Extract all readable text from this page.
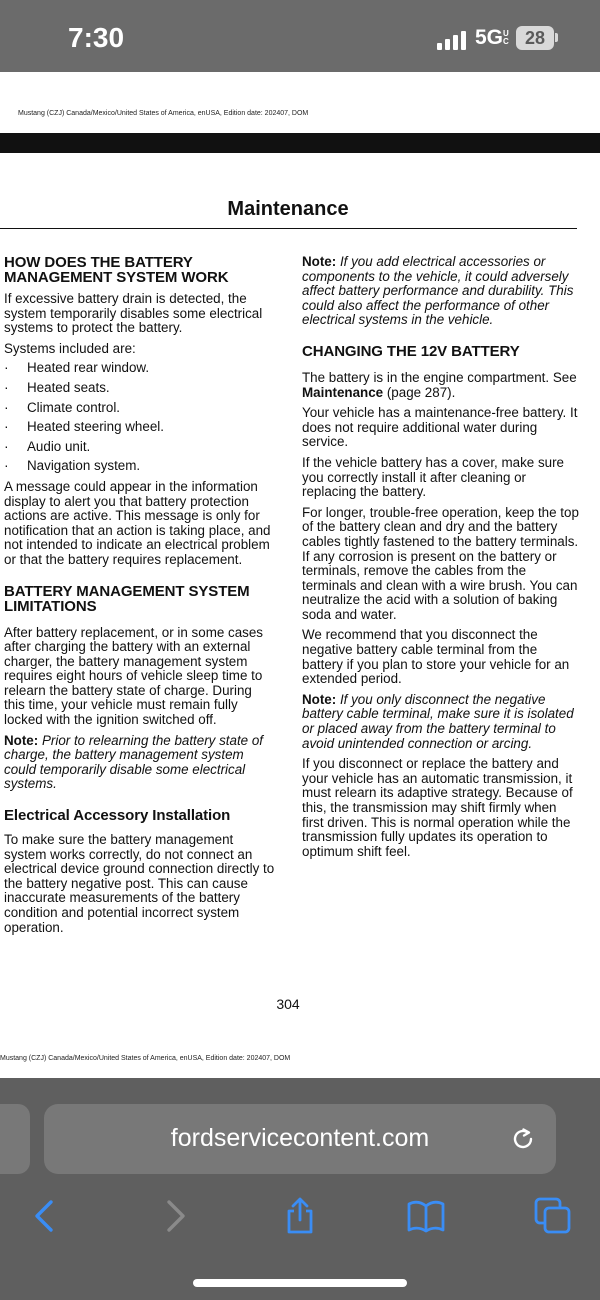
7:30	5GUC 28
Mustang (CZJ) Canada/Mexico/United States of America, enUSA, Edition date: 202407, DOM
Maintenance
HOW DOES THE BATTERY MANAGEMENT SYSTEM WORK

If excessive battery drain is detected, the system temporarily disables some electrical systems to protect the battery.

Systems included are:

· Heated rear window.
· Heated seats.
· Climate control.
· Heated steering wheel.
· Audio unit.
· Navigation system.

A message could appear in the information display to alert you that battery protection actions are active. This message is only for notification that an action is taking place, and not intended to indicate an electrical problem or that the battery requires replacement.

BATTERY MANAGEMENT SYSTEM LIMITATIONS

After battery replacement, or in some cases after charging the battery with an external charger, the battery management system requires eight hours of vehicle sleep time to relearn the battery state of charge. During this time, your vehicle must remain fully locked with the ignition switched off.

Note: Prior to relearning the battery state of charge, the battery management system could temporarily disable some electrical systems.

Electrical Accessory Installation

To make sure the battery management system works correctly, do not connect an electrical device ground connection directly to the battery negative post. This can cause inaccurate measurements of the battery condition and potential incorrect system operation.

Note: If you add electrical accessories or components to the vehicle, it could adversely affect battery performance and durability. This could also affect the performance of other electrical systems in the vehicle.

CHANGING THE 12V BATTERY

The battery is in the engine compartment. See Maintenance (page 287).

Your vehicle has a maintenance-free battery. It does not require additional water during service.

If the vehicle battery has a cover, make sure you correctly install it after cleaning or replacing the battery.

For longer, trouble-free operation, keep the top of the battery clean and dry and the battery cables tightly fastened to the battery terminals. If any corrosion is present on the battery or terminals, remove the cables from the terminals and clean with a wire brush. You can neutralize the acid with a solution of baking soda and water.

We recommend that you disconnect the negative battery cable terminal from the battery if you plan to store your vehicle for an extended period.

Note: If you only disconnect the negative battery cable terminal, make sure it is isolated or placed away from the battery terminal to avoid unintended connection or arcing.

If you disconnect or replace the battery and your vehicle has an automatic transmission, it must relearn its adaptive strategy. Because of this, the transmission may shift firmly when first driven. This is normal operation while the transmission fully updates its operation to optimum shift feel.

304
Mustang (CZJ) Canada/Mexico/United States of America, enUSA, Edition date: 202407, DOM
fordservicecontent.com
